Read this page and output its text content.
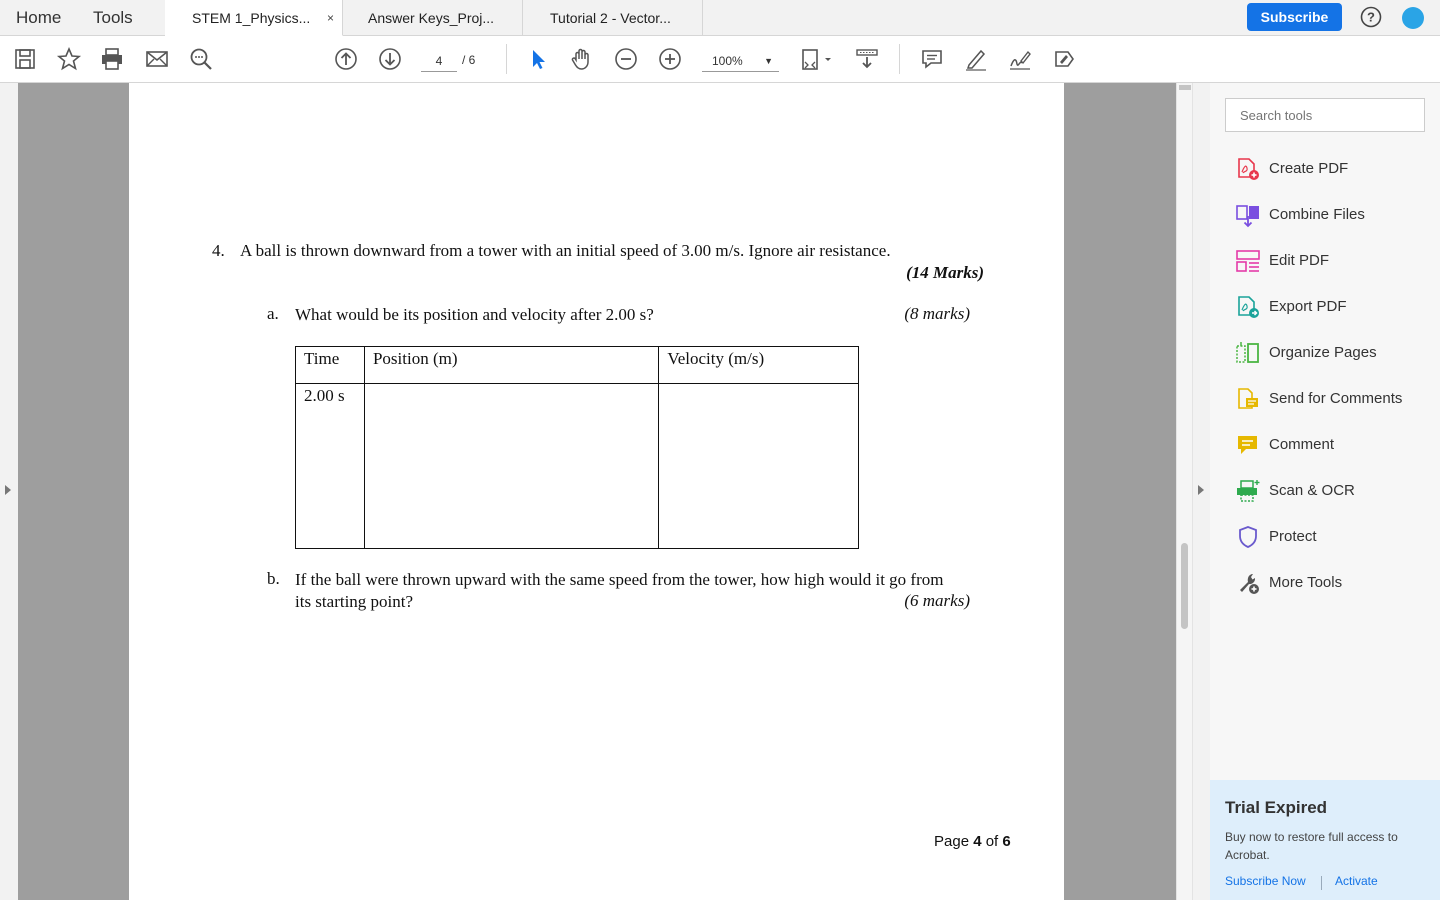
Home Tools	STEM 1_Physics... ×	Answer Keys_Proj...	Tutorial 2 - Vector...	Subscribe	?
4
/ 6	100% ▼
4. A ball is thrown downward from a tower with an initial speed of 3.00 m/s. Ignore air resistance.
(14 Marks)
a. What would be its position and velocity after 2.00 s?	(8 marks)
Time	Position (m)	Velocity (m/s)
2.00 s		
b. If the ball were thrown upward with the same speed from the tower, how high would it go from
its starting point?	(6 marks)
Page 4 of 6
Search tools
Create PDF
Combine Files
Edit PDF
Export PDF
Organize Pages
Send for Comments
Comment
Scan & OCR
Protect
More Tools
Trial Expired
Buy now to restore full access to Acrobat.
Subscribe Now Activate
